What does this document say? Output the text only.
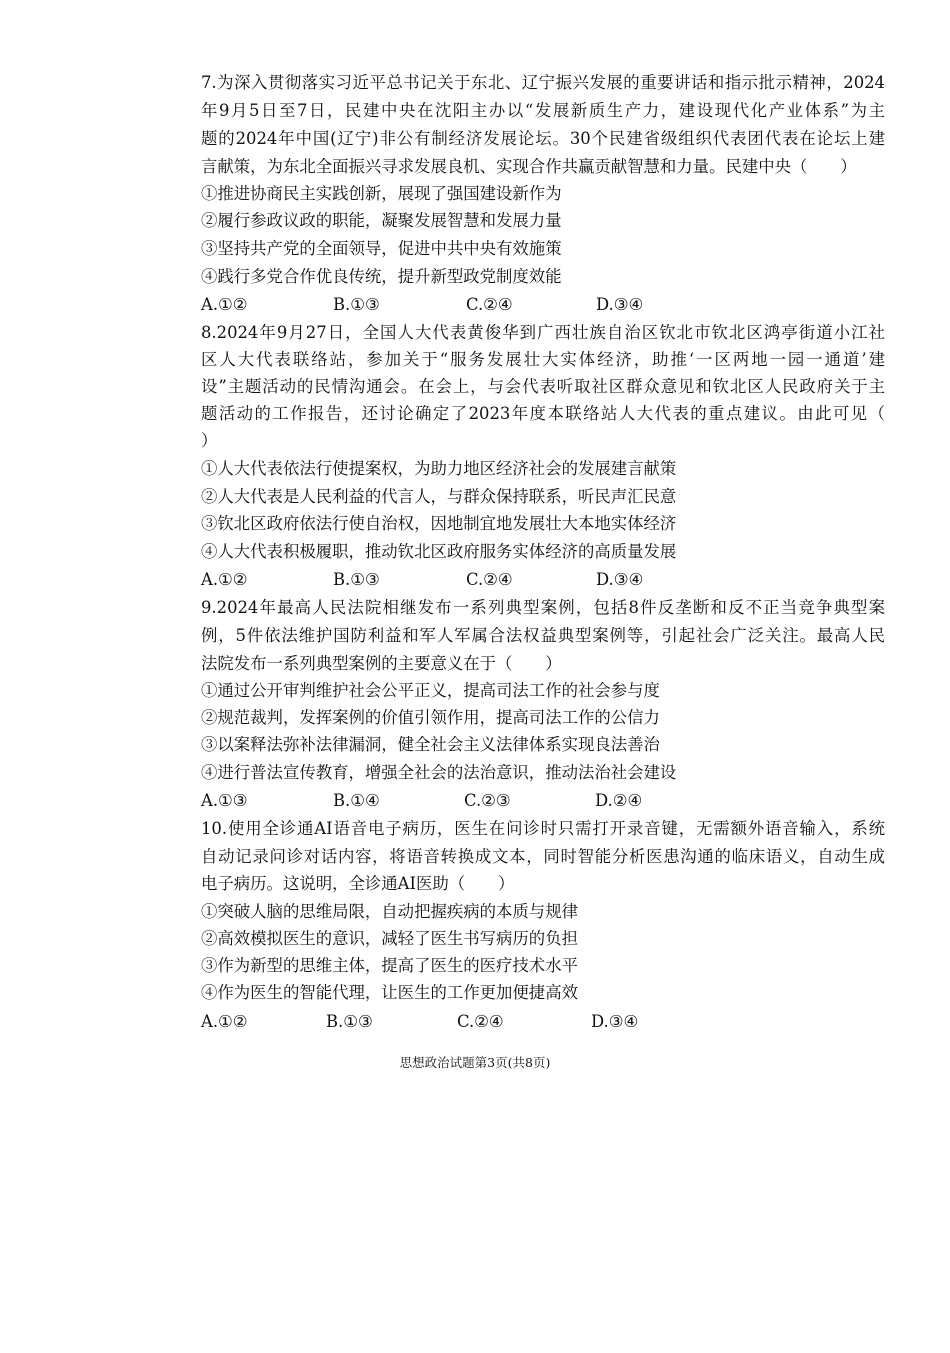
7.为深入贯彻落实习近平总书记关于东北、辽宁振兴发展的重要讲话和指示批示精神，2024
年9月5日至7日，民建中央在沈阳主办以“发展新质生产力，建设现代化产业体系”为主
题的2024年中国(辽宁)非公有制经济发展论坛。30个民建省级组织代表团代表在论坛上建
言献策，为东北全面振兴寻求发展良机、实现合作共赢贡献智慧和力量。民建中央（　　）
①推进协商民主实践创新，展现了强国建设新作为
②履行参政议政的职能，凝聚发展智慧和发展力量
③坚持共产党的全面领导，促进中共中央有效施策
④践行多党合作优良传统，提升新型政党制度效能
A.①②	B.①③	C.②④	D.③④
8.2024年9月27日，全国人大代表黄俊华到广西壮族自治区钦北市钦北区鸿亭街道小江社
区人大代表联络站，参加关于“服务发展壮大实体经济，助推‘一区两地一园一通道’建
设”主题活动的民情沟通会。在会上，与会代表听取社区群众意见和钦北区人民政府关于主
题活动的工作报告，还讨论确定了2023年度本联络站人大代表的重点建议。由此可见（
）
①人大代表依法行使提案权，为助力地区经济社会的发展建言献策
②人大代表是人民利益的代言人，与群众保持联系，听民声汇民意
③钦北区政府依法行使自治权，因地制宜地发展壮大本地实体经济
④人大代表积极履职，推动钦北区政府服务实体经济的高质量发展
A.①②	B.①③	C.②④	D.③④
9.2024年最高人民法院相继发布一系列典型案例，包括8件反垄断和反不正当竞争典型案
例，5件依法维护国防利益和军人军属合法权益典型案例等，引起社会广泛关注。最高人民
法院发布一系列典型案例的主要意义在于（　　）
①通过公开审判维护社会公平正义，提高司法工作的社会参与度
②规范裁判，发挥案例的价值引领作用，提高司法工作的公信力
③以案释法弥补法律漏洞，健全社会主义法律体系实现良法善治
④进行普法宣传教育，增强全社会的法治意识，推动法治社会建设
A.①③	B.①④	C.②③	D.②④
10.使用全诊通AI语音电子病历，医生在问诊时只需打开录音键，无需额外语音输入，系统
自动记录问诊对话内容，将语音转换成文本，同时智能分析医患沟通的临床语义，自动生成
电子病历。这说明，全诊通AI医助（　　）
①突破人脑的思维局限，自动把握疾病的本质与规律
②高效模拟医生的意识，减轻了医生书写病历的负担
③作为新型的思维主体，提高了医生的医疗技术水平
④作为医生的智能代理，让医生的工作更加便捷高效
A.①②	B.①③	C.②④	D.③④
思想政治试题第3页(共8页)
